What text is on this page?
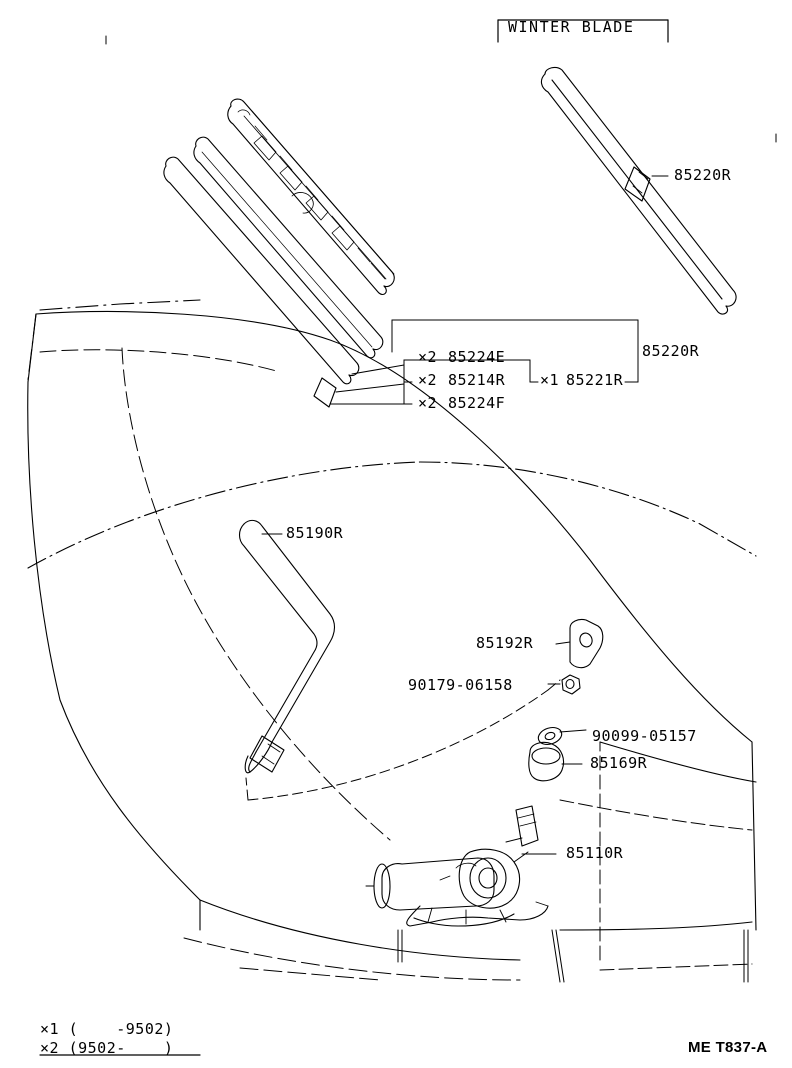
WINTER BLADE
85220R
85220R
×2 85224E
×2 85214R ×1 85221R
×2 85224F
85190R
85192R
90179-06158
90099-05157
85169R
85110R
×1 (    -9502)
×2 (9502-    )	ME T837-A
